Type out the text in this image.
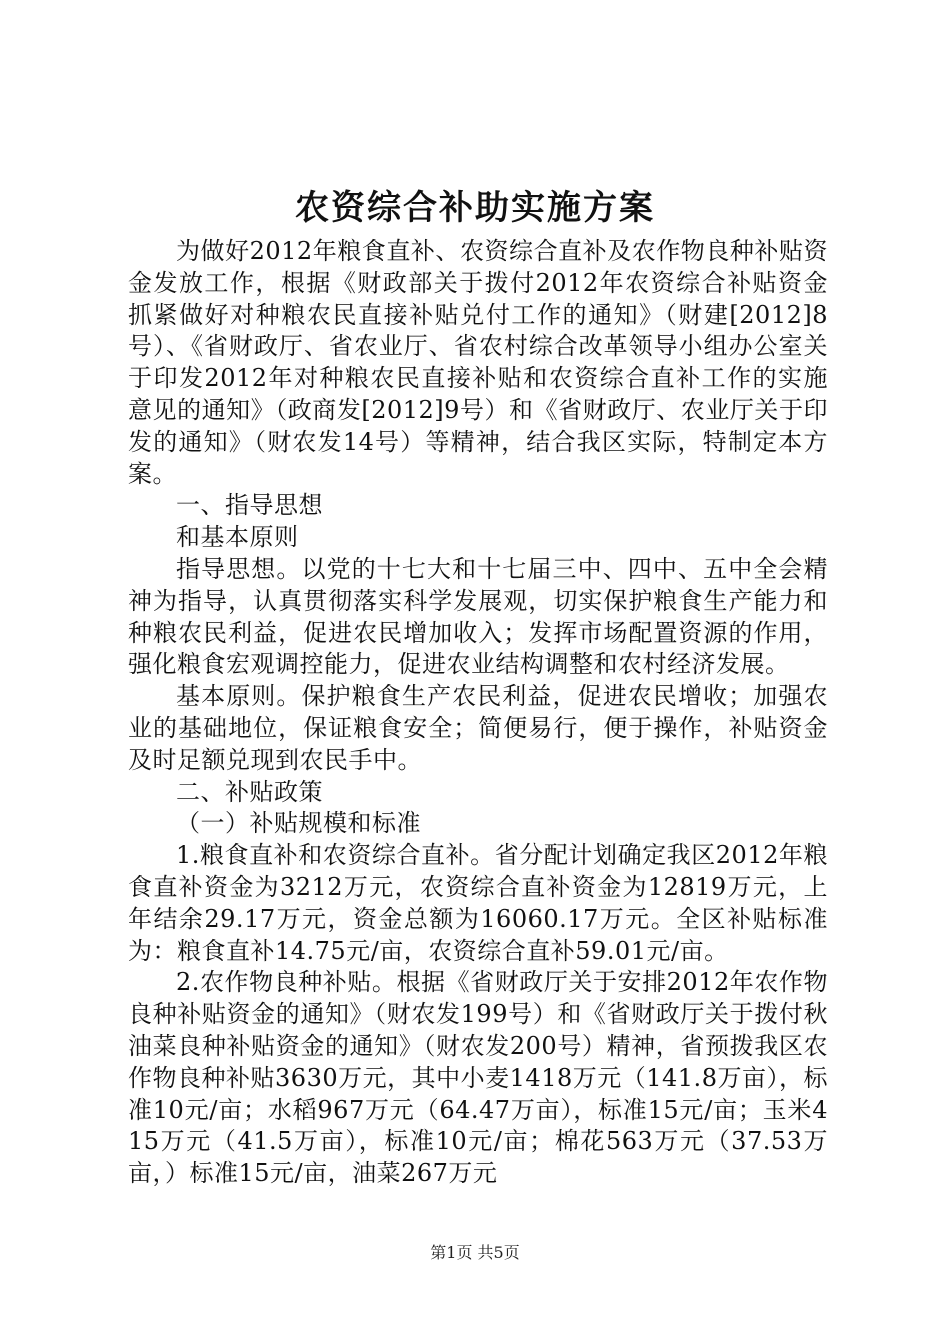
农资综合补助实施方案

为做好2012年粮食直补、农资综合直补及农作物良种补贴资金发放工作，根据《财政部关于拨付2012年农资综合补贴资金抓紧做好对种粮农民直接补贴兑付工作的通知》（财建[2012]8号）、《省财政厅、省农业厅、省农村综合改革领导小组办公室关于印发2012年对种粮农民直接补贴和农资综合直补工作的实施意见的通知》（政商发[2012]9号）和《省财政厅、农业厅关于印发的通知》（财农发14号）等精神，结合我区实际，特制定本方案。

一、指导思想

和基本原则

指导思想。以党的十七大和十七届三中、四中、五中全会精神为指导，认真贯彻落实科学发展观，切实保护粮食生产能力和种粮农民利益，促进农民增加收入；发挥市场配置资源的作用，强化粮食宏观调控能力，促进农业结构调整和农村经济发展。

基本原则。保护粮食生产农民利益，促进农民增收；加强农业的基础地位，保证粮食安全；简便易行，便于操作，补贴资金及时足额兑现到农民手中。

二、补贴政策

（一）补贴规模和标准

1.粮食直补和农资综合直补。省分配计划确定我区2012年粮食直补资金为3212万元，农资综合直补资金为12819万元，上年结余29.17万元，资金总额为16060.17万元。全区补贴标准为：粮食直补14.75元/亩，农资综合直补59.01元/亩。

2.农作物良种补贴。根据《省财政厅关于安排2012年农作物良种补贴资金的通知》（财农发199号）和《省财政厅关于拨付秋油菜良种补贴资金的通知》（财农发200号）精神，省预拨我区农作物良种补贴3630万元，其中小麦1418万元（141.8万亩），标准10元/亩；水稻967万元（64.47万亩），标准15元/亩；玉米415万元（41.5万亩），标准10元/亩；棉花563万元（37.53万亩，）标准15元/亩，油菜267万元

第1页 共5页
